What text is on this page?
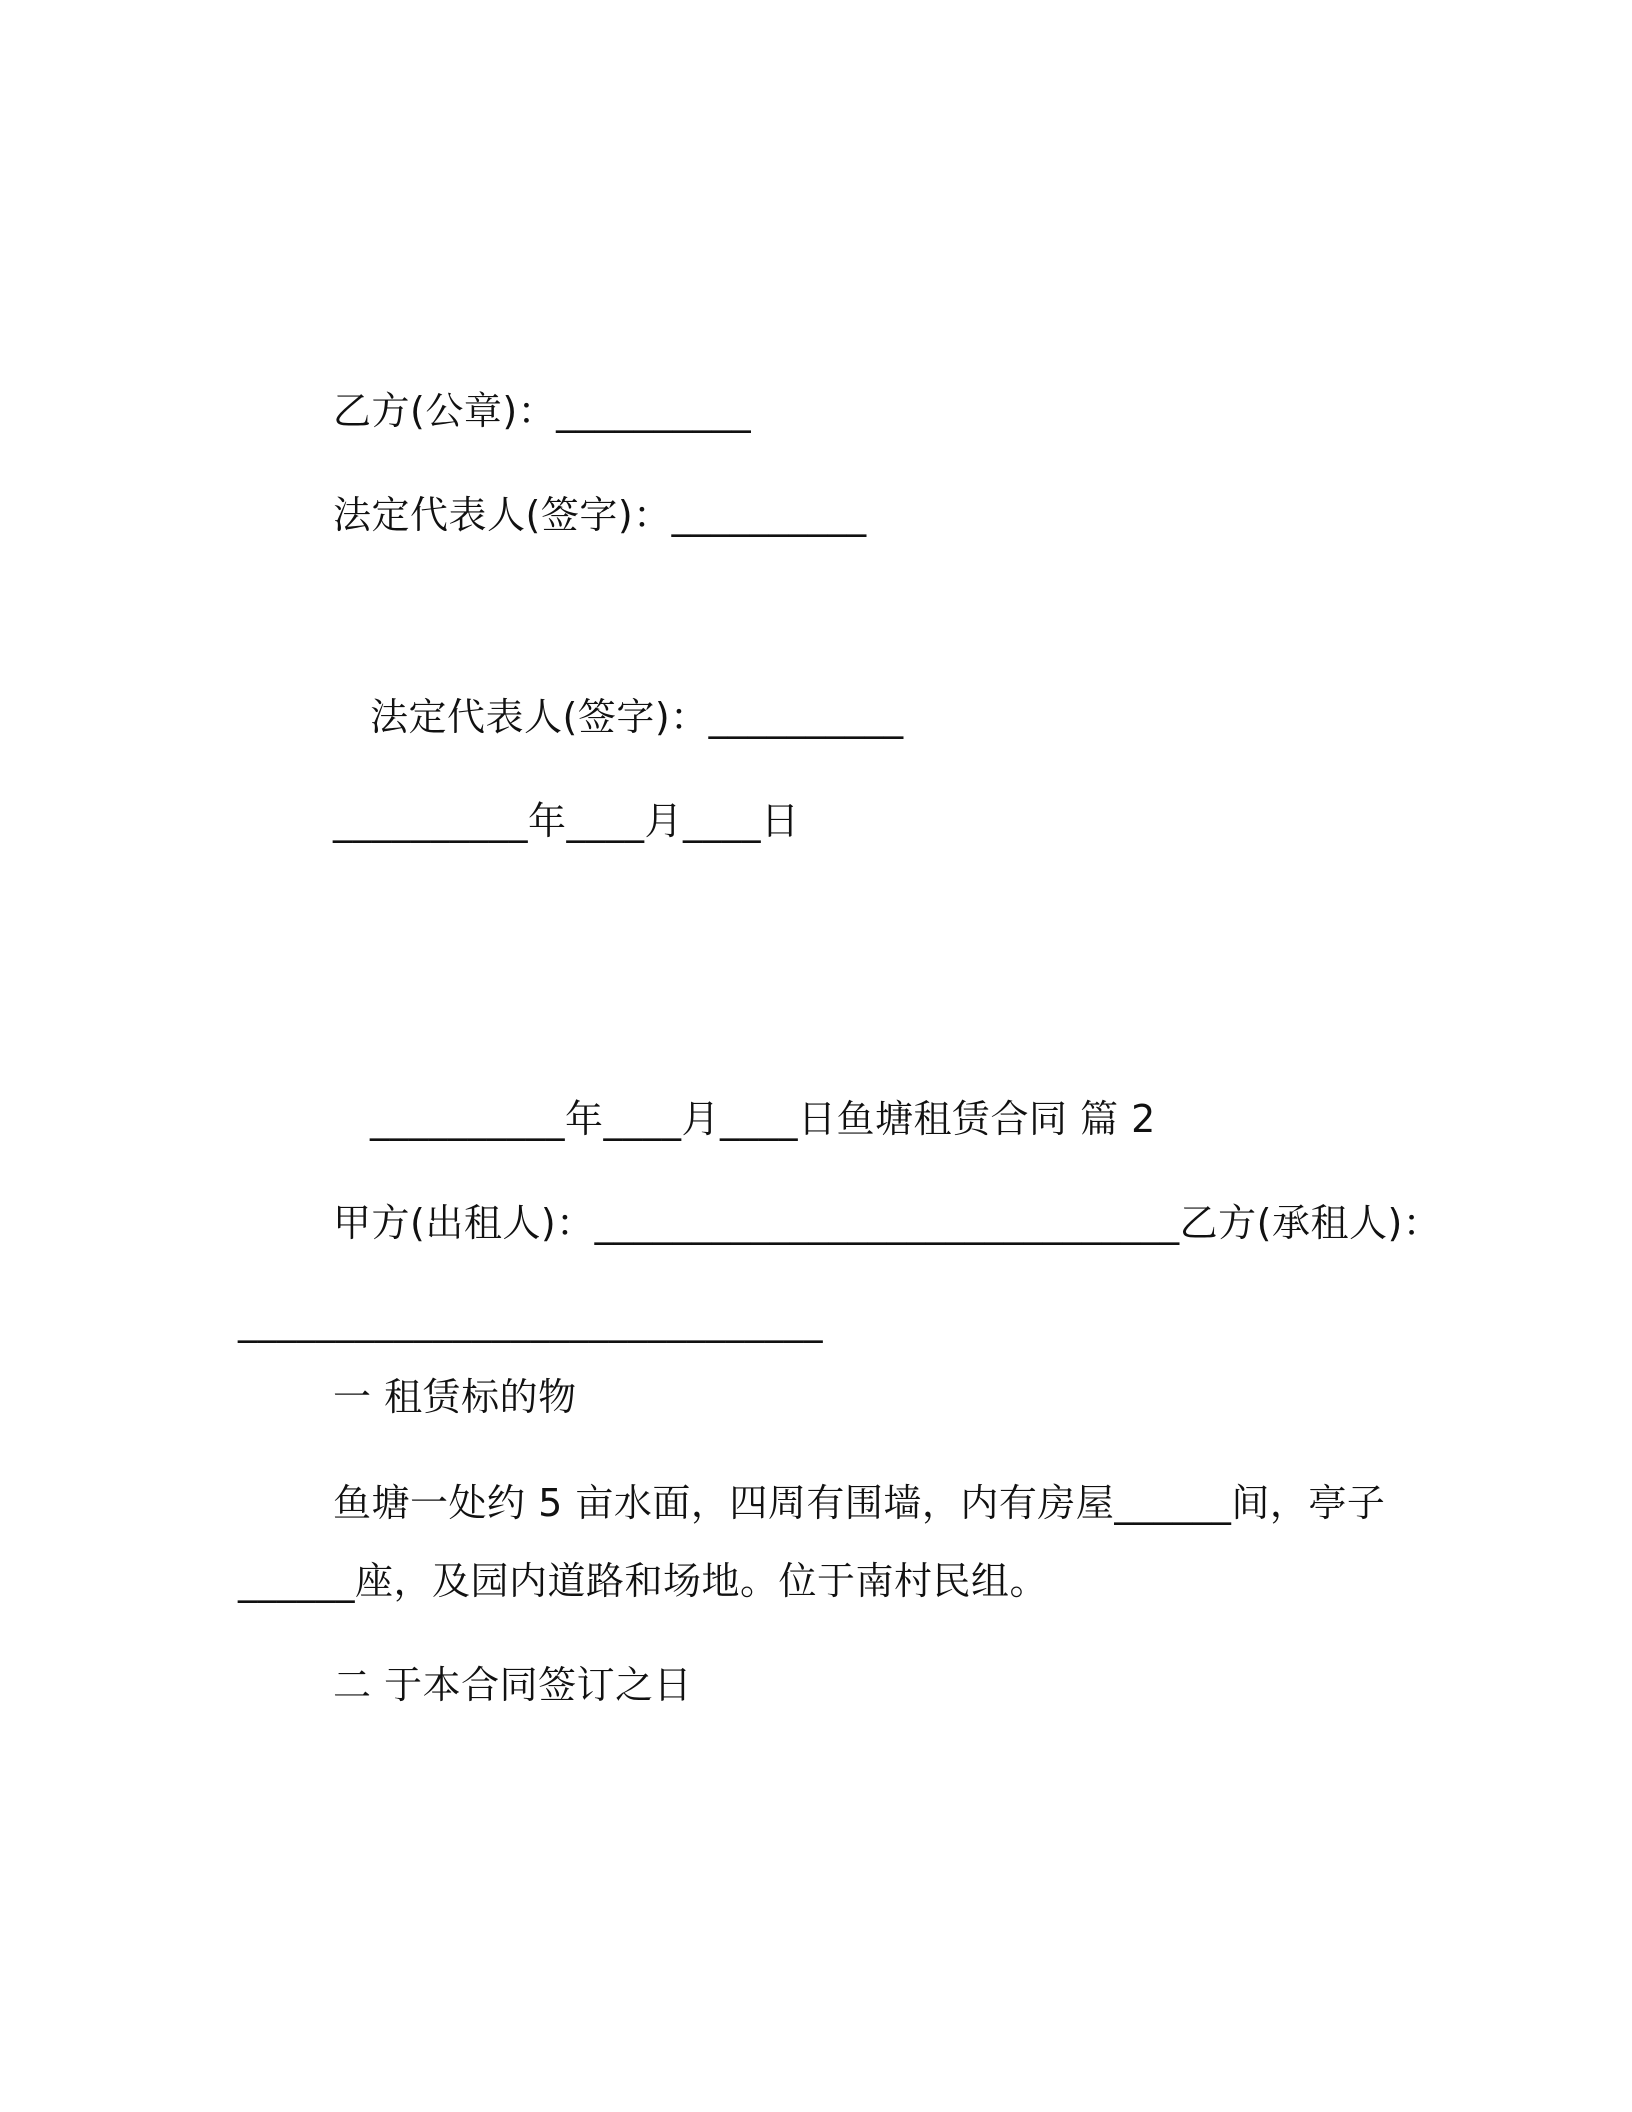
乙方(公章)：__________
法定代表人(签字)：__________
法定代表人(签字)：__________
__________年____月____日
__________年____月____日鱼塘租赁合同 篇 2
甲方(出租人)：______________________________乙方(承租人)：
______________________________
一 租赁标的物
鱼塘一处约 5 亩水面，四周有围墙，内有房屋______间，亭子
______座，及园内道路和场地。位于南村民组。
二 于本合同签订之日
